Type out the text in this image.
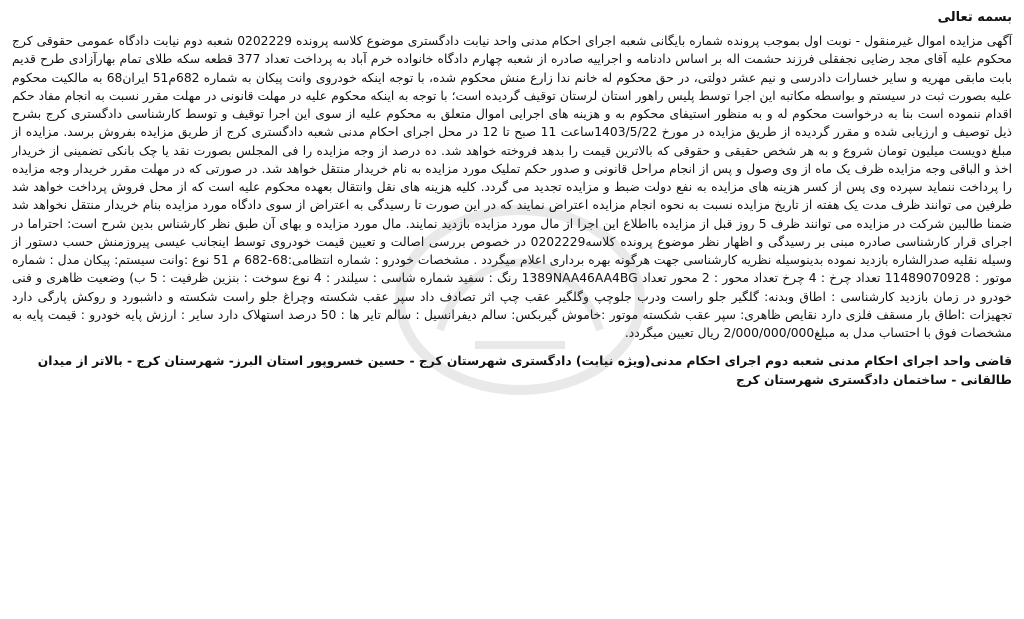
بسمه تعالی

آگهی مزایده اموال غیرمنقول - نوبت اول بموجب پرونده شماره بایگانی شعبه اجرای احکام مدنی واحد نیابت دادگستری موضوع کلاسه پرونده 0202229 شعبه دوم نیابت دادگاه عمومی حقوقی کرج محکوم علیه آقای مجد رضایی نجفقلی فرزند حشمت اله بر اساس دادنامه و اجراییه صادره از شعبه چهارم دادگاه خانواده خرم آباد به پرداخت تعداد 377 قطعه سکه طلای تمام بهارآزادی طرح قدیم بابت مابقی مهریه و سایر خسارات دادرسی و نیم عشر دولتی، در حق محکوم له خانم ندا زارع منش محکوم شده، با توجه اینکه خودروی وانت پیکان به شماره 682م51 ایران68 به مالکیت محکوم علیه بصورت ثبت در سیستم و بواسطه مکاتبه این اجرا توسط پلیس راهور استان لرستان توقیف گردیده است؛ با توجه به اینکه محکوم علیه در مهلت قانونی در مهلت مقرر نسبت به انجام مفاد حکم اقدام ننموده است بنا به درخواست محکوم له و به منظور استیفای محکوم به و هزینه های اجرایی اموال متعلق به محکوم علیه از سوی این اجرا توقیف و توسط کارشناسی دادگستری کرج بشرح ذیل توصیف و ارزیابی شده و مقرر گردیده از طریق مزایده در مورخ 1403/5/22ساعت 11 صبح تا 12 در محل اجرای احکام مدنی شعبه دادگستری کرج از طریق مزایده بفروش برسد. مزایده از مبلغ دویست میلیون تومان شروع و به هر شخص حقیقی و حقوقی که بالاترین قیمت را بدهد فروخته خواهد شد. ده درصد از وجه مزایده را فی المجلس بصورت نقد یا چک بانکی تضمینی از خریدار اخذ و الباقی وجه مزایده ظرف یک ماه از وی وصول و پس از انجام مراحل قانونی و صدور حکم تملیک مورد مزایده به نام خریدار منتقل خواهد شد. در صورتی که در مهلت مقرر خریدار وجه مزایده را پرداخت ننماید سپرده وی پس از کسر هزینه های مزایده به نفع دولت ضبط و مزایده تجدید می گردد. کلیه هزینه های نقل وانتقال بعهده محکوم علیه است که از محل فروش پرداخت خواهد شد طرفین می توانند ظرف مدت یک هفته از تاریخ مزایده نسبت به نحوه انجام مزایده اعتراض نمایند که در این صورت تا رسیدگی به اعتراض از سوی دادگاه مورد مزایده بنام خریدار منتقل نخواهد شد ضمنا طالبین شرکت در مزایده می توانند ظرف 5 روز قبل از مزایده بااطلاع این اجرا از مال مورد مزایده بازدید نمایند. مال مورد مزایده و بهای آن طبق نظر کارشناس بدین شرح است: احتراما در اجرای قرار کارشناسی صادره مبنی بر رسیدگی و اظهار نظر موضوع پرونده کلاسه0202229 در خصوص بررسی اصالت و تعیین قیمت خودروی توسط اینجانب عیسی پیروزمنش حسب دستور از وسیله نقلیه صدرالشاره بازدید نموده بدینوسیله نظریه کارشناسی جهت هرگونه بهره برداری اعلام میگردد . مشخصات خودرو : شماره انتظامی:68-682 م 51 نوع :وانت سیستم: پیکان مدل : شماره موتور : 11489070928 تعداد چرخ : 4 چرخ تعداد محور : 2 محور تعداد 1389NAA46AA4BG رنگ : سفید شماره شاسی : سیلندر : 4 نوع سوخت : بنزین ظرفیت : 5 ب) وضعیت ظاهری و فنی خودرو در زمان بازدید کارشناسی : اطاق وبدنه: گلگیر جلو راست ودرب جلوچپ وگلگیر عقب چپ اثر تصادف داد سپر عقب شکسته وچراغ جلو راست شکسته و داشبورد و روکش پارگی دارد تجهیزات :اطاق بار مسقف فلزی دارد نقایص ظاهری: سپر عقب شکسته موتور :خاموش گیربکس: سالم دیفرانسیل : سالم تایر ها : 50 درصد استهلاک دارد سایر : ارزش پایه خودرو : قیمت پایه به مشخصات فوق با احتساب مدل به مبلغ2/000/000/000 ریال تعیین میگردد.

قاضی واحد اجرای احکام مدنی شعبه دوم اجرای احکام مدنی(ویژه نیابت) دادگستری شهرستان کرج - حسین خسروپور استان البرز- شهرستان کرج - بالاتر از میدان طالقانی - ساختمان دادگستری شهرستان کرج
